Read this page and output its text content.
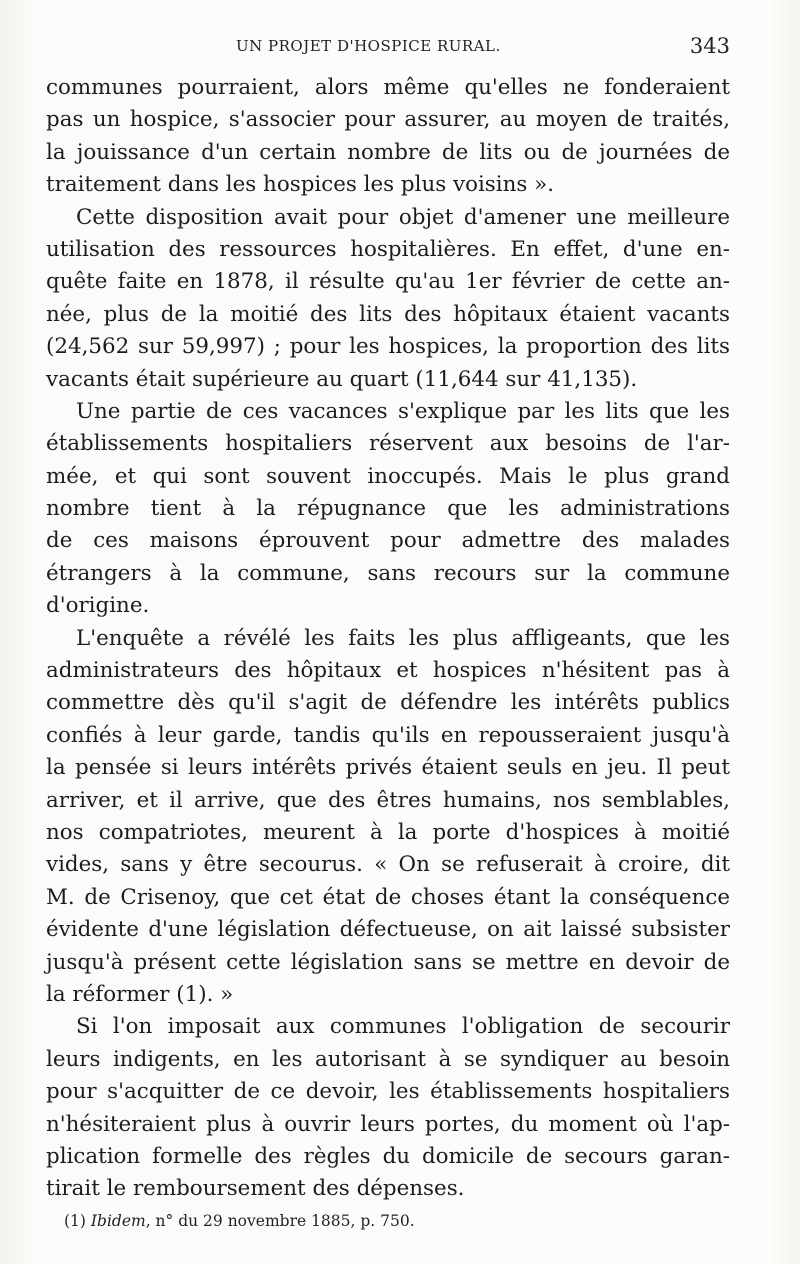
UN PROJET D'HOSPICE RURAL.	343
communes pourraient, alors même qu'elles ne fonderaient
pas un hospice, s'associer pour assurer, au moyen de traités,
la jouissance d'un certain nombre de lits ou de journées de
traitement dans les hospices les plus voisins ».
Cette disposition avait pour objet d'amener une meilleure
utilisation des ressources hospitalières. En effet, d'une en-
quête faite en 1878, il résulte qu'au 1er février de cette an-
née, plus de la moitié des lits des hôpitaux étaient vacants
(24,562 sur 59,997) ; pour les hospices, la proportion des lits
vacants était supérieure au quart (11,644 sur 41,135).
Une partie de ces vacances s'explique par les lits que les
établissements hospitaliers réservent aux besoins de l'ar-
mée, et qui sont souvent inoccupés. Mais le plus grand
nombre tient à la répugnance que les administrations
de ces maisons éprouvent pour admettre des malades
étrangers à la commune, sans recours sur la commune
d'origine.
L'enquête a révélé les faits les plus affligeants, que les
administrateurs des hôpitaux et hospices n'hésitent pas à
commettre dès qu'il s'agit de défendre les intérêts publics
confiés à leur garde, tandis qu'ils en repousseraient jusqu'à
la pensée si leurs intérêts privés étaient seuls en jeu. Il peut
arriver, et il arrive, que des êtres humains, nos semblables,
nos compatriotes, meurent à la porte d'hospices à moitié
vides, sans y être secourus. « On se refuserait à croire, dit
M. de Crisenoy, que cet état de choses étant la conséquence
évidente d'une législation défectueuse, on ait laissé subsister
jusqu'à présent cette législation sans se mettre en devoir de
la réformer (1). »
Si l'on imposait aux communes l'obligation de secourir
leurs indigents, en les autorisant à se syndiquer au besoin
pour s'acquitter de ce devoir, les établissements hospitaliers
n'hésiteraient plus à ouvrir leurs portes, du moment où l'ap-
plication formelle des règles du domicile de secours garan-
tirait le remboursement des dépenses.
(1) Ibidem, n° du 29 novembre 1885, p. 750.
